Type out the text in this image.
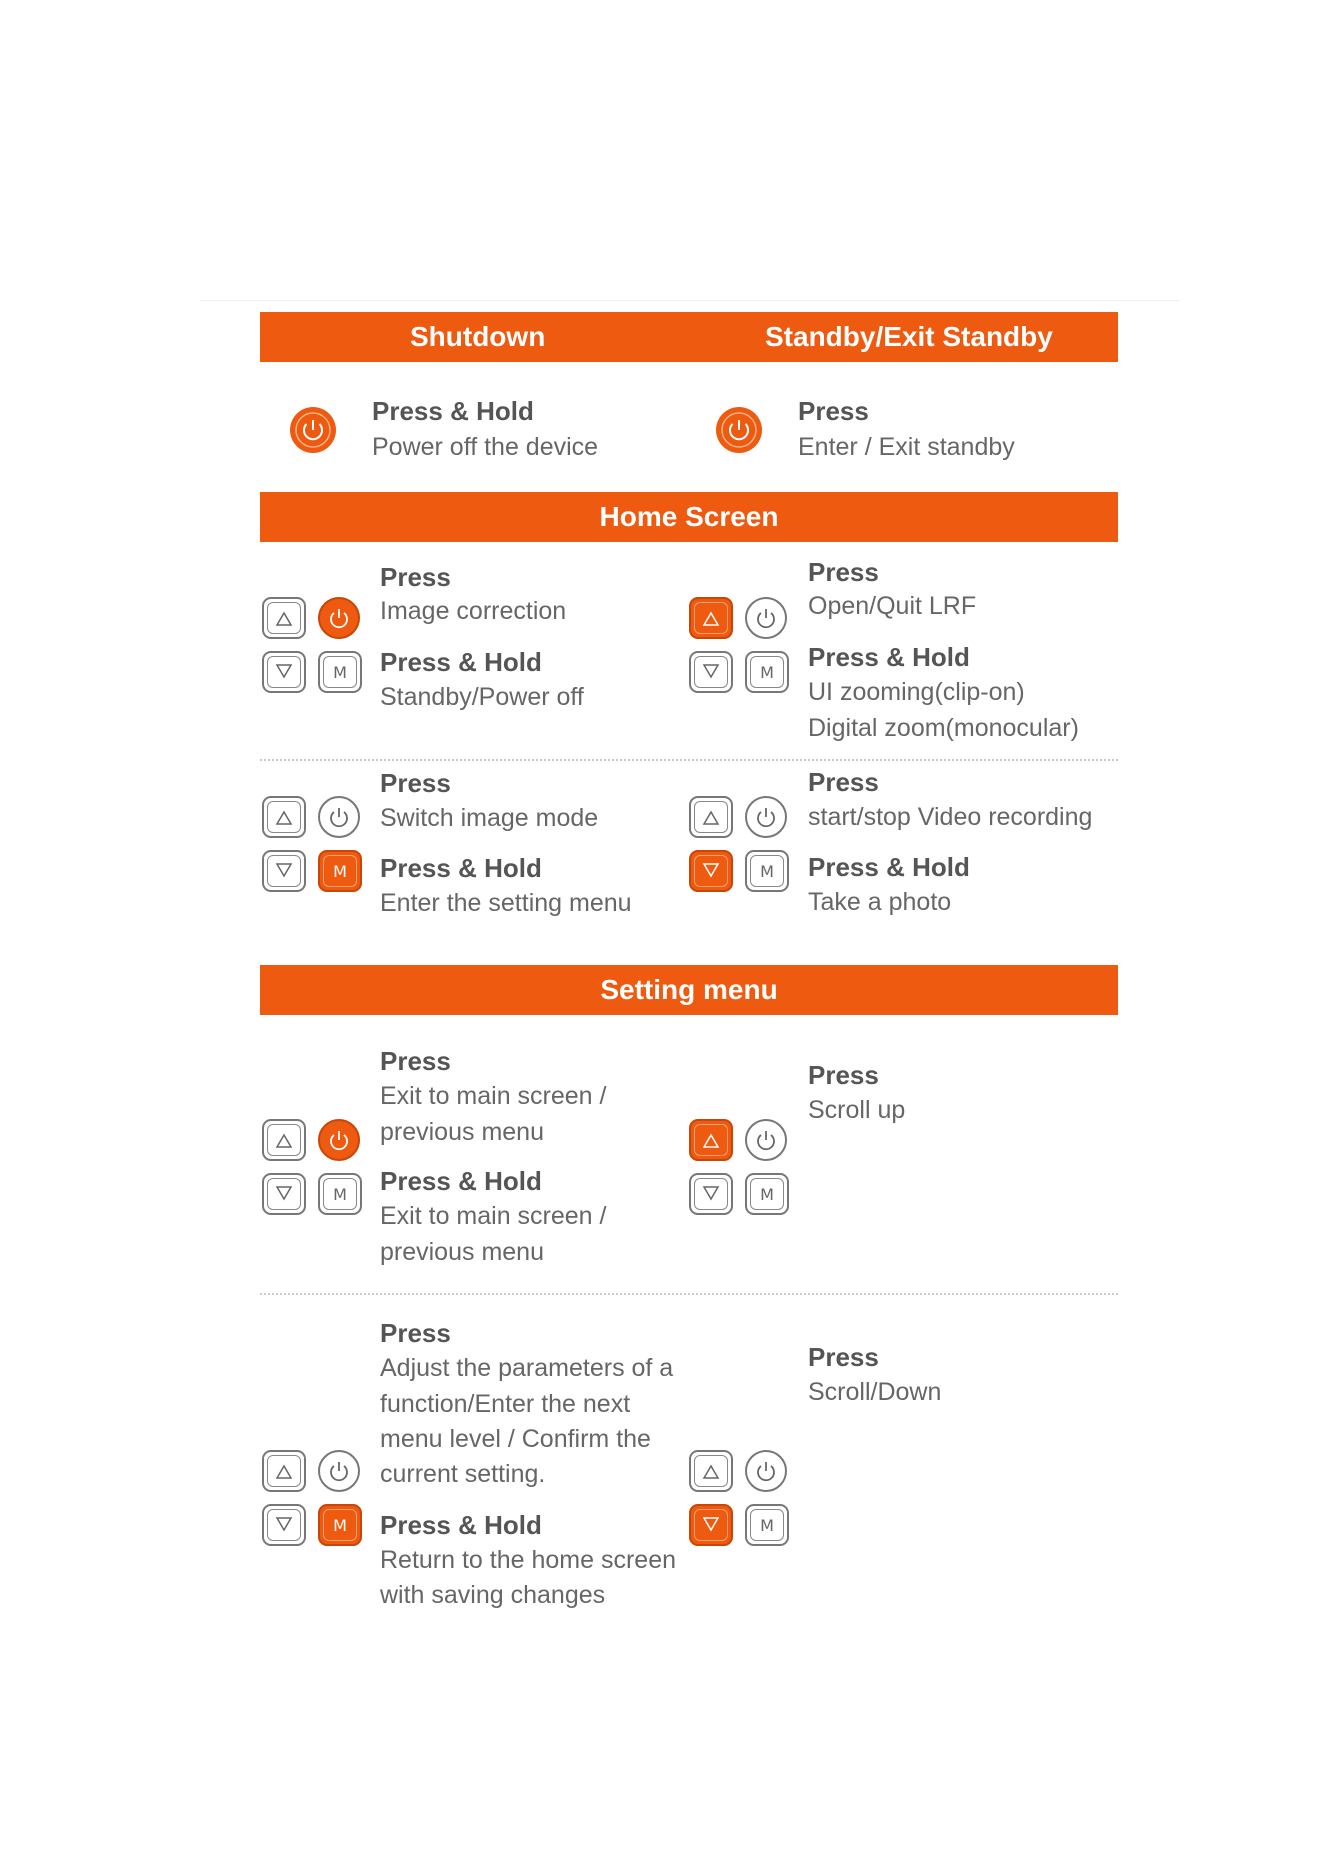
Shutdown	Standby/Exit Standby
Press & Hold
Power off the device
Press
Enter / Exit standby
Home Screen
M
Press
Image correction
Press & Hold
Standby/Power off
M
Press
Open/Quit LRF
Press & Hold
UI zooming(clip-on)
Digital zoom(monocular)
M
Press
Switch image mode
Press & Hold
Enter the setting menu
M
Press
start/stop Video recording
Press & Hold
Take a photo
Setting menu
M
Press
Exit to main screen /
previous menu
Press & Hold
Exit to main screen /
previous menu
M
Press
Scroll up
M
Press
Adjust the parameters of a
function/Enter the next
menu level / Confirm the
current setting.
Press & Hold
Return to the home screen
with saving changes
M
Press
Scroll/Down
